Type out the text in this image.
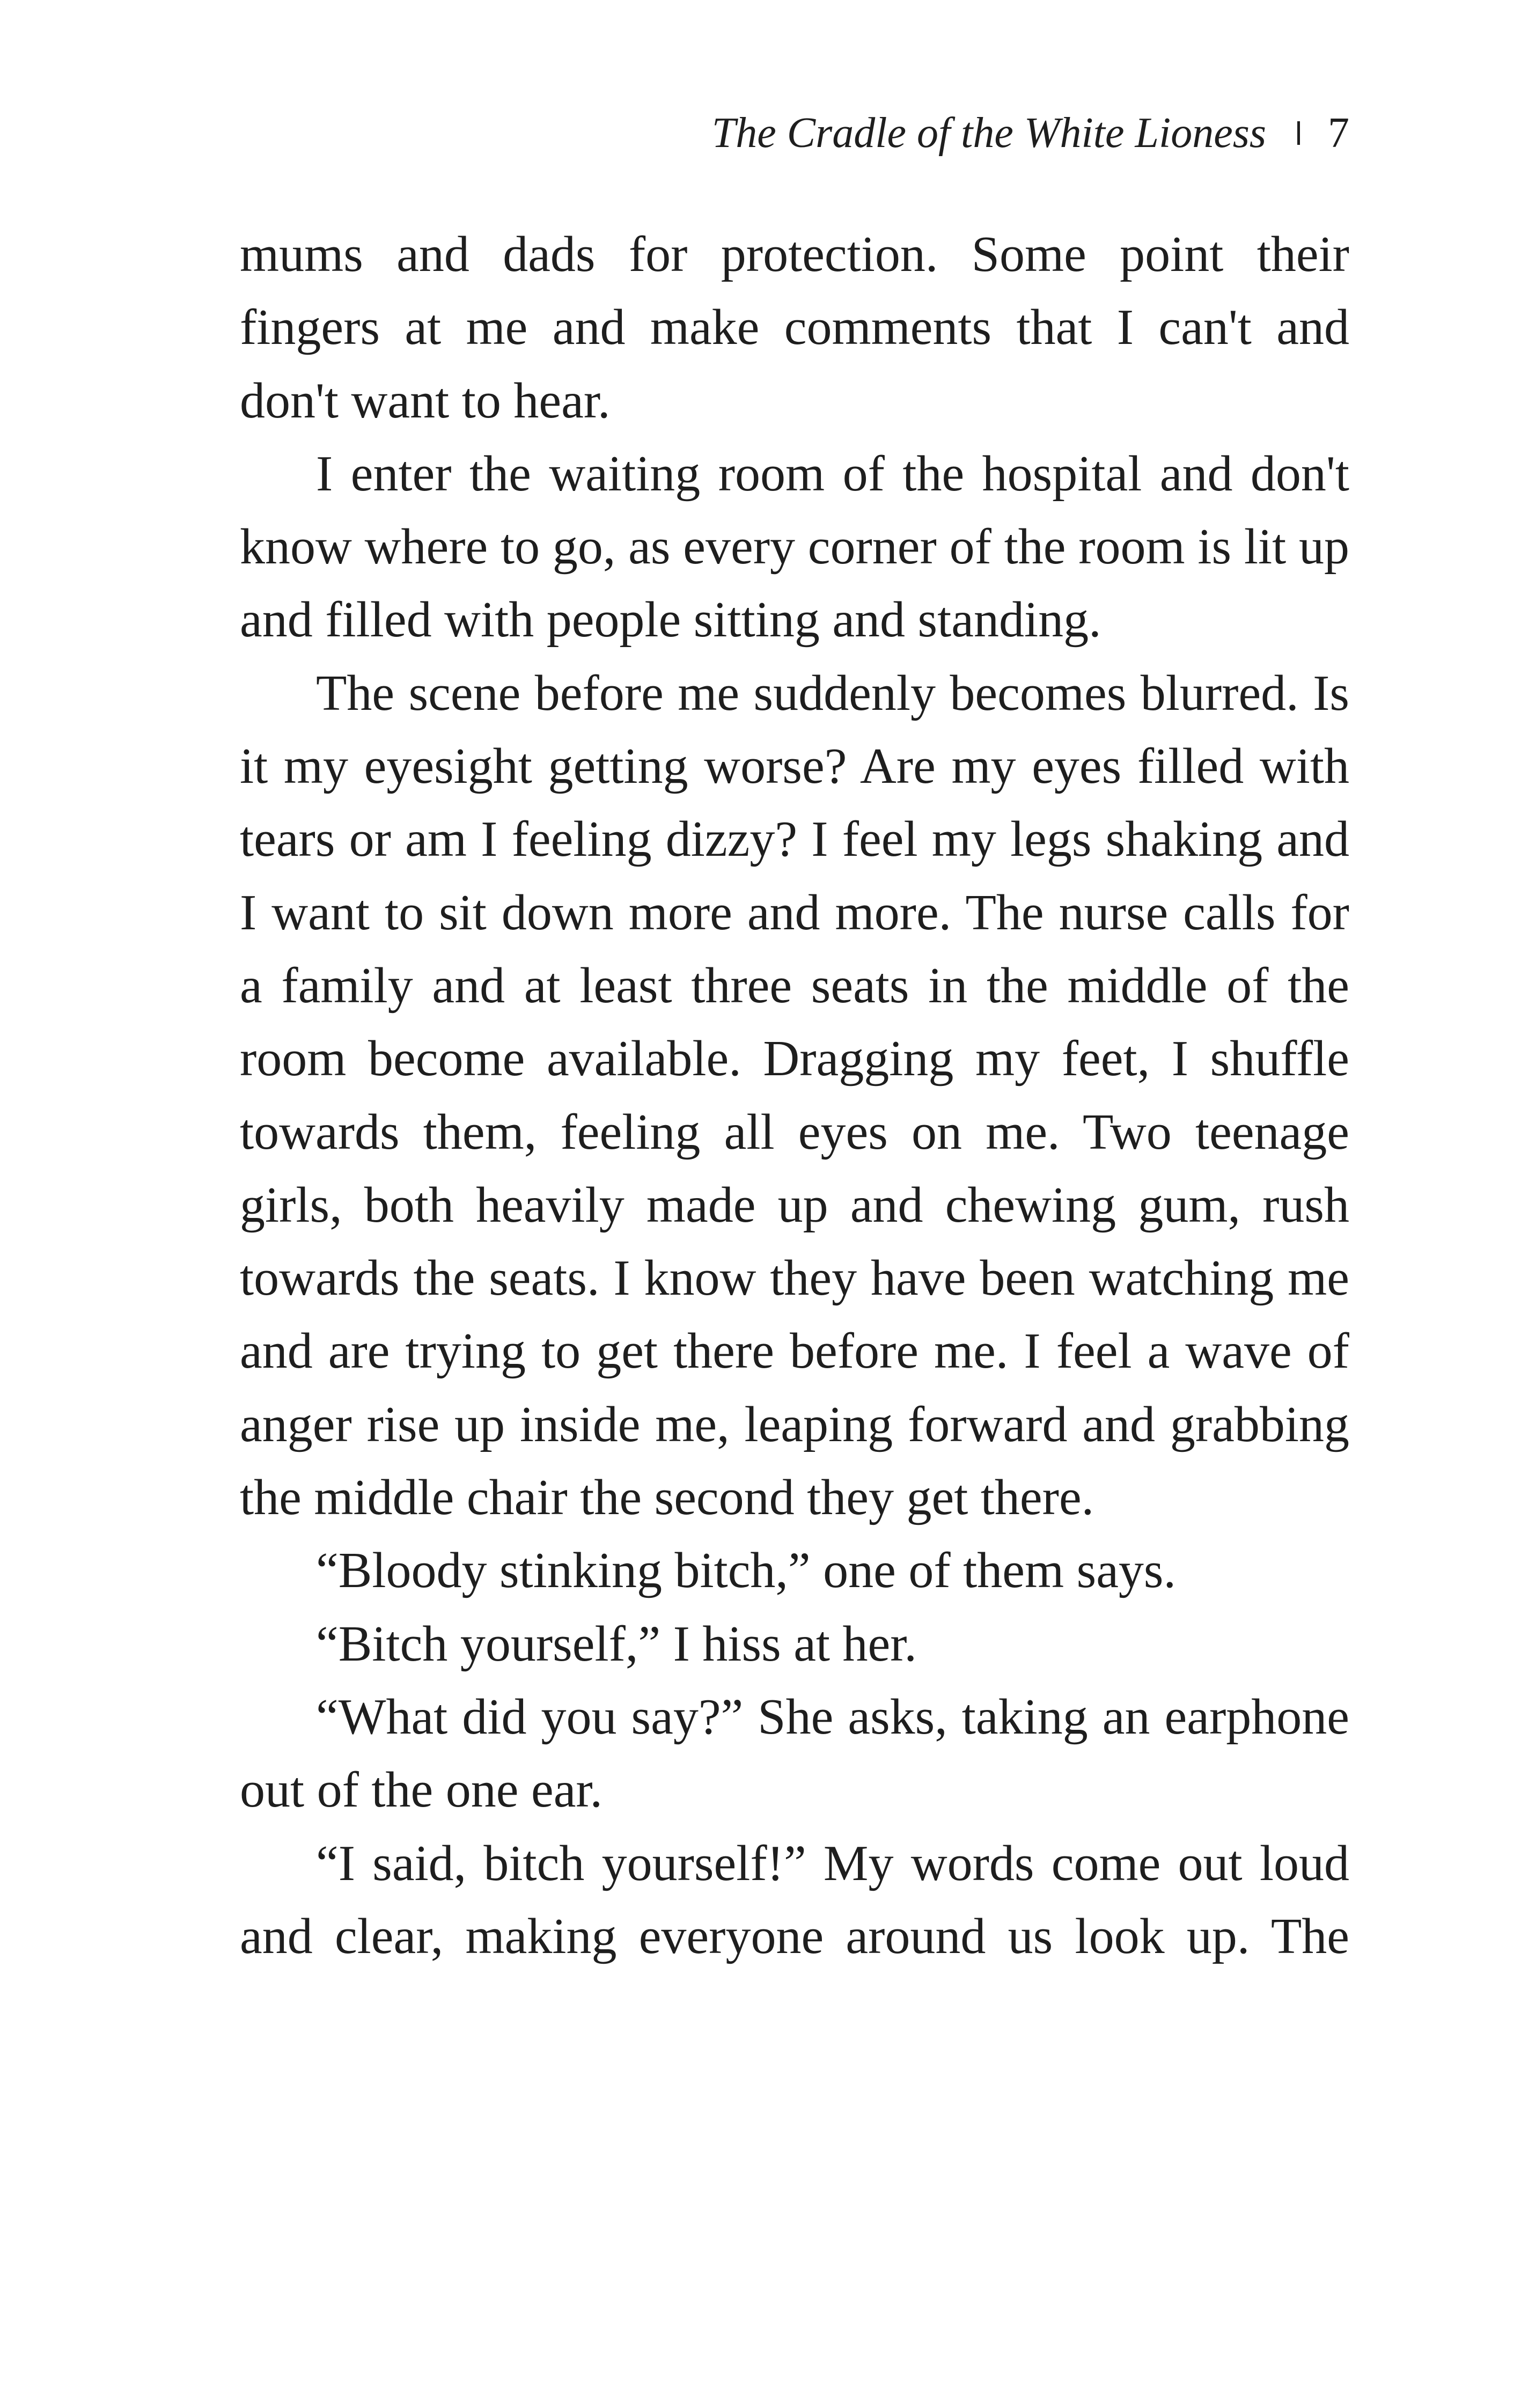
The Cradle of the White Lioness 7

mums and dads for protection. Some point their fingers at me and make comments that I can't and don't want to hear.

I enter the waiting room of the hospital and don't know where to go, as every corner of the room is lit up and filled with people sitting and standing.

The scene before me suddenly becomes blurred. Is it my eyesight getting worse? Are my eyes filled with tears or am I feeling dizzy? I feel my legs shaking and I want to sit down more and more. The nurse calls for a family and at least three seats in the middle of the room become available. Dragging my feet, I shuffle towards them, feeling all eyes on me. Two teenage girls, both heavily made up and chewing gum, rush towards the seats. I know they have been watching me and are trying to get there before me. I feel a wave of anger rise up inside me, leaping forward and grabbing the middle chair the second they get there.

“Bloody stinking bitch,” one of them says.

“Bitch yourself,” I hiss at her.

“What did you say?” She asks, taking an earphone out of the one ear.

“I said, bitch yourself!” My words come out loud and clear, making everyone around us look up. The
